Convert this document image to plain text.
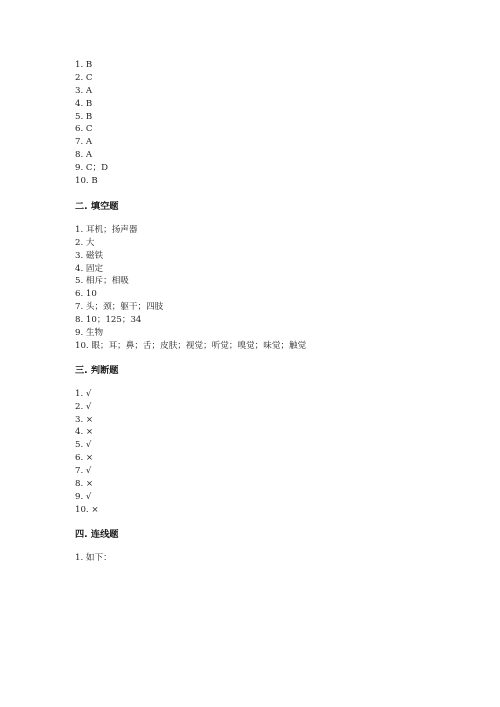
1. B
2. C
3. A
4. B
5. B
6. C
7. A
8. A
9. C；D
10. B
二. 填空题
1. 耳机；扬声器
2. 大
3. 磁铁
4. 固定
5. 相斥；相吸
6. 10
7. 头；颈；躯干；四肢
8. 10；125；34
9. 生物
10. 眼；耳；鼻；舌；皮肤；视觉；听觉；嗅觉；味觉；触觉
三. 判断题
1. √
2. √
3. ×
4. ×
5. √
6. ×
7. √
8. ×
9. √
10. ×
四. 连线题
1. 如下：
